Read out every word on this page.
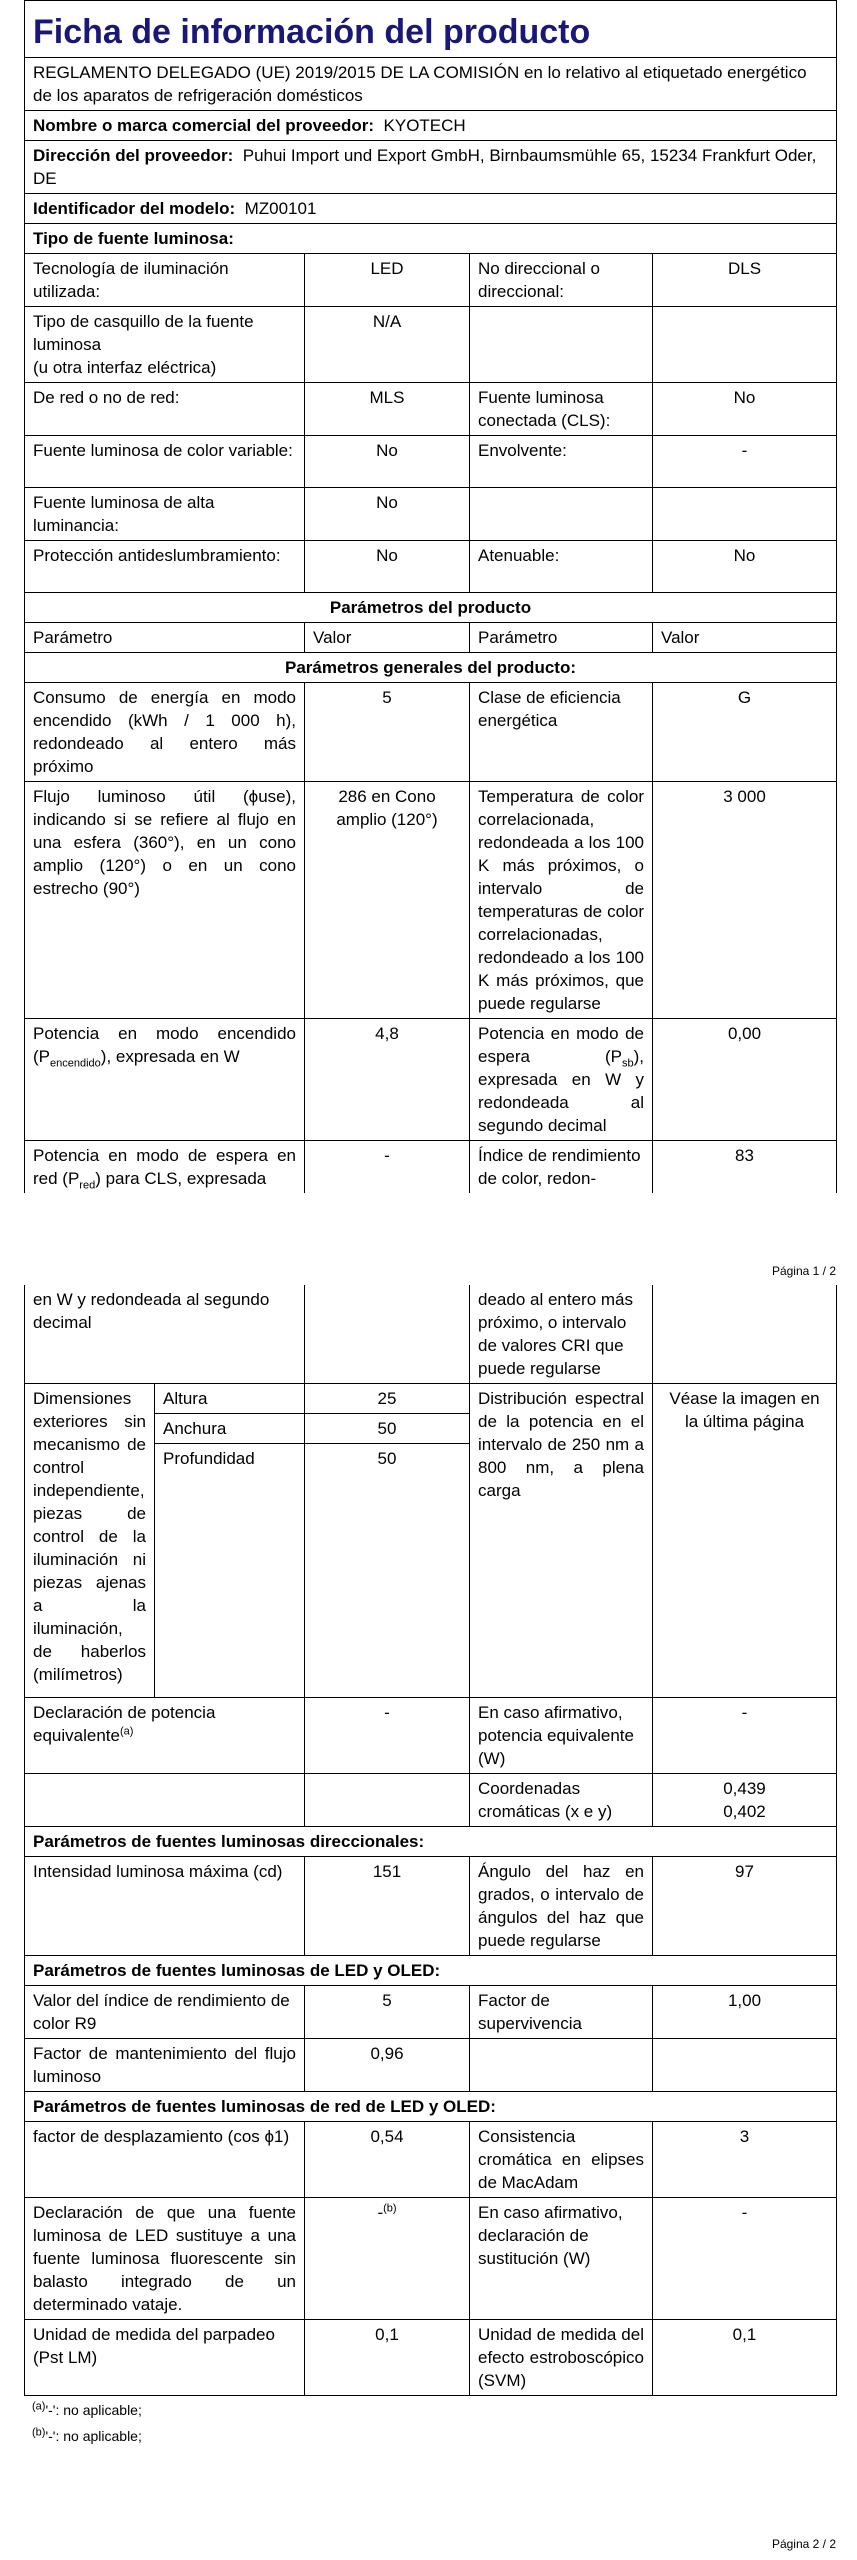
Ficha de información del producto			
REGLAMENTO DELEGADO (UE) 2019/2015 DE LA COMISIÓN en lo relativo al etiquetado energético de los aparatos de refrigeración domésticos			
Nombre o marca comercial del proveedor: KYOTECH			
Dirección del proveedor: Puhui Import und Export GmbH, Birnbaumsmühle 65, 15234 Frankfurt Oder, DE			
Identificador del modelo: MZ00101			
Tipo de fuente luminosa:			
Tecnología de iluminación utilizada:	LED	No direccional o direccional:	DLS
Tipo de casquillo de la fuente luminosa
(u otra interfaz eléctrica)	N/A		
De red o no de red:	MLS	Fuente luminosa conectada (CLS):	No
Fuente luminosa de color variable:	No	Envolvente:	-
Fuente luminosa de alta luminancia:	No		
Protección antideslumbramiento:	No	Atenuable:	No
Parámetros del producto			
Parámetro	Valor	Parámetro	Valor
Parámetros generales del producto:			
Consumo de energía en modo encendido (kWh / 1 000 h), redondeado al entero más próximo	5	Clase de eficiencia energética	G
Flujo luminoso útil (ϕuse), indicando si se refiere al flujo en una esfera (360°), en un cono amplio (120°) o en un cono estrecho (90°)	286 en Cono amplio (120°)	Temperatura de color correlacionada, redondeada a los 100 K más próximos, o intervalo de temperaturas de color correlacionadas, redondeado a los 100 K más próximos, que puede regularse	3 000
Potencia en modo encendido $(P_{encendido})$, expresada en W	4,8	Potencia en modo de espera $(P_{sb})$, expresada en W y redondeada al segundo decimal	0,00
Potencia en modo de espera en red $(P_{red})$ para CLS, expresada	-	Índice de rendimiento de color, redon-	83
Página 1 / 2
en W y redondeada al segundo decimal			deado al entero más próximo, o intervalo de valores CRI que puede regularse	
Dimensiones exteriores sin mecanismo de control independiente, piezas de control de la iluminación ni piezas ajenas a la iluminación, de haberlos (milímetros)	Altura	25	Distribución espectral de la potencia en el intervalo de 250 nm a 800 nm, a plena carga	Véase la imagen en la última página
	Anchura	50		
	Profundidad	50		

Declaración de potencia equivalente$^{(a)}$		-	En caso afirmativo, potencia equivalente (W)	-
			Coordenadas cromáticas (x e y)	0,439
0,402
Parámetros de fuentes luminosas direccionales:				
Intensidad luminosa máxima (cd)		151	Ángulo del haz en grados, o intervalo de ángulos del haz que puede regularse	97
Parámetros de fuentes luminosas de LED y OLED:				
Valor del índice de rendimiento de color R9		5	Factor de supervivencia	1,00
Factor de mantenimiento del flujo luminoso		0,96		
Parámetros de fuentes luminosas de red de LED y OLED:				
factor de desplazamiento (cos ϕ1)		0,54	Consistencia cromática en elipses de MacAdam	3
Declaración de que una fuente luminosa de LED sustituye a una fuente luminosa fluorescente sin balasto integrado de un determinado vataje.		-$^{(b)}$	En caso afirmativo, declaración de sustitución (W)	-
Unidad de medida del parpadeo (Pst LM)		0,1	Unidad de medida del efecto estroboscópico (SVM)	0,1
$^{(a)}$'-': no aplicable;
$^{(b)}$'-': no aplicable;
Página 2 / 2
